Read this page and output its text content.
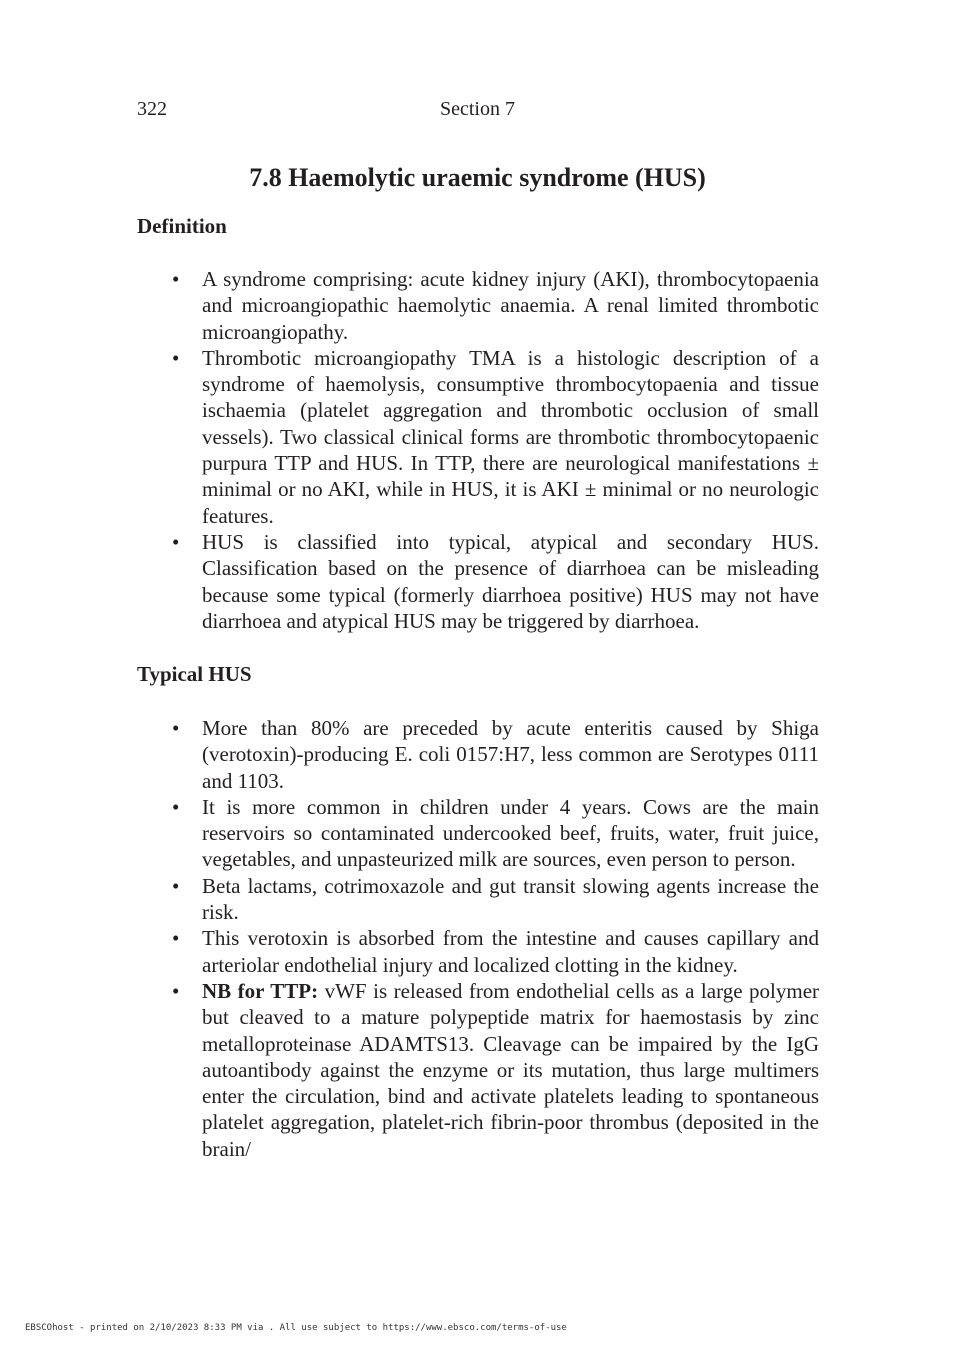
322	Section 7
7.8 Haemolytic uraemic syndrome (HUS)
Definition
• A syndrome comprising: acute kidney injury (AKI), thrombocytopaenia and microangiopathic haemolytic anaemia. A renal limited thrombotic microangiopathy.
• Thrombotic microangiopathy TMA is a histologic description of a syndrome of haemolysis, consumptive thrombocytopaenia and tissue ischaemia (platelet aggregation and thrombotic occlusion of small vessels). Two classical clinical forms are thrombotic thrombocytopaenic purpura TTP and HUS. In TTP, there are neurological manifestations ± minimal or no AKI, while in HUS, it is AKI ± minimal or no neurologic features.
• HUS is classified into typical, atypical and secondary HUS. Classification based on the presence of diarrhoea can be misleading because some typical (formerly diarrhoea positive) HUS may not have diarrhoea and atypical HUS may be triggered by diarrhoea.
Typical HUS
• More than 80% are preceded by acute enteritis caused by Shiga (verotoxin)-producing E. coli 0157:H7, less common are Serotypes 0111 and 1103.
• It is more common in children under 4 years. Cows are the main reservoirs so contaminated undercooked beef, fruits, water, fruit juice, vegetables, and unpasteurized milk are sources, even person to person.
• Beta lactams, cotrimoxazole and gut transit slowing agents increase the risk.
• This verotoxin is absorbed from the intestine and causes capillary and arteriolar endothelial injury and localized clotting in the kidney.
• NB for TTP: vWF is released from endothelial cells as a large polymer but cleaved to a mature polypeptide matrix for haemostasis by zinc metalloproteinase ADAMTS13. Cleavage can be impaired by the IgG autoantibody against the enzyme or its mutation, thus large multimers enter the circulation, bind and activate platelets leading to spontaneous platelet aggregation, platelet-rich fibrin-poor thrombus (deposited in the brain/
EBSCOhost - printed on 2/10/2023 8:33 PM via . All use subject to https://www.ebsco.com/terms-of-use
